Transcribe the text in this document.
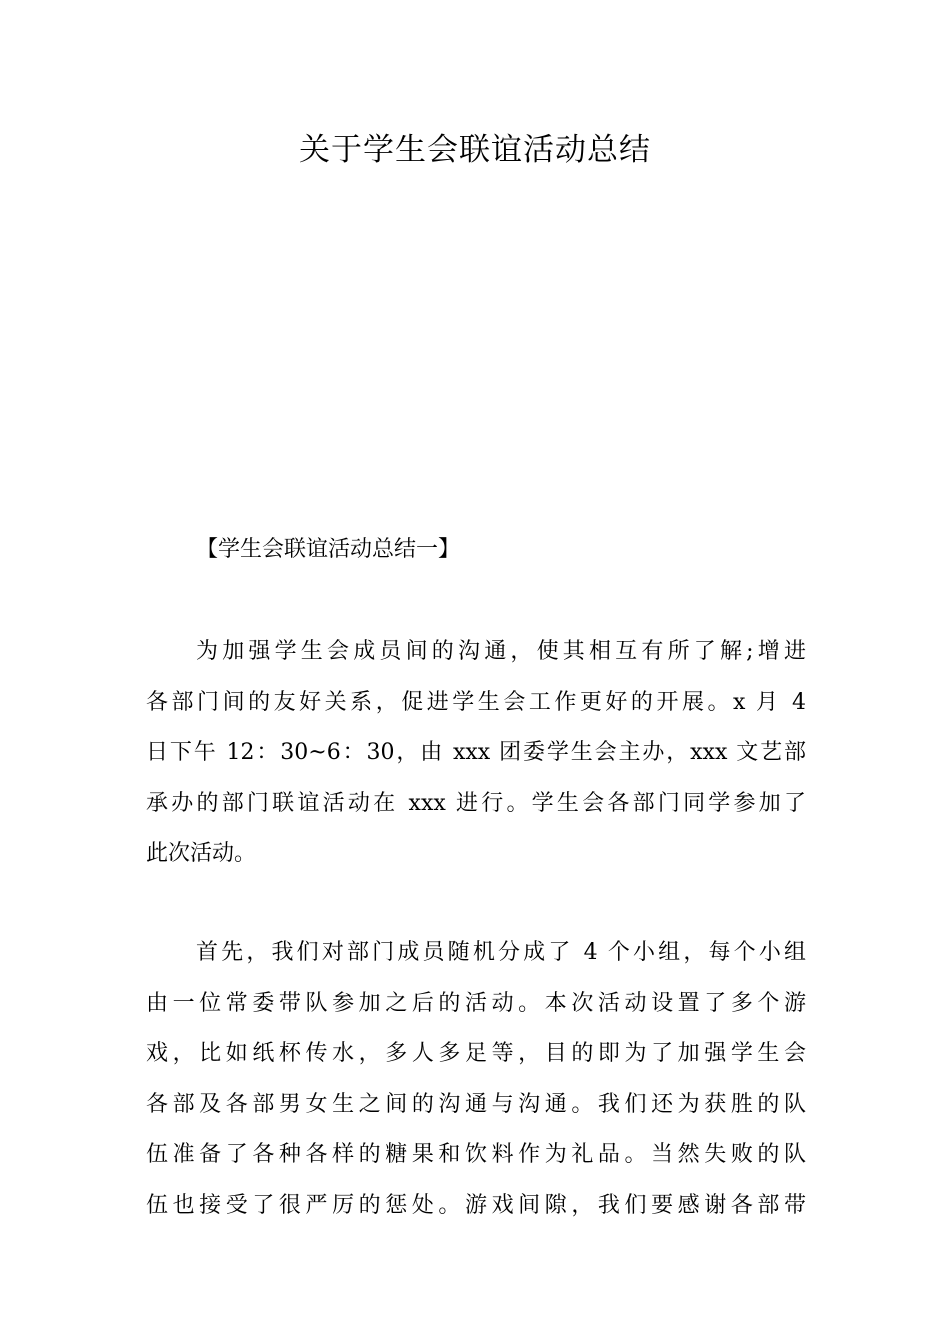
关于学生会联谊活动总结
【学生会联谊活动总结一】

为加强学生会成员间的沟通，使其相互有所了解;增进
各部门间的友好关系，促进学生会工作更好的开展。x 月 4
日下午 12：30~6：30，由 xxx 团委学生会主办，xxx 文艺部
承办的部门联谊活动在 xxx 进行。学生会各部门同学参加了
此次活动。

首先，我们对部门成员随机分成了 4 个小组，每个小组
由一位常委带队参加之后的活动。本次活动设置了多个游
戏，比如纸杯传水，多人多足等，目的即为了加强学生会
各部及各部男女生之间的沟通与沟通。我们还为获胜的队
伍准备了各种各样的糖果和饮料作为礼品。当然失败的队
伍也接受了很严厉的惩处。游戏间隙，我们要感谢各部带
